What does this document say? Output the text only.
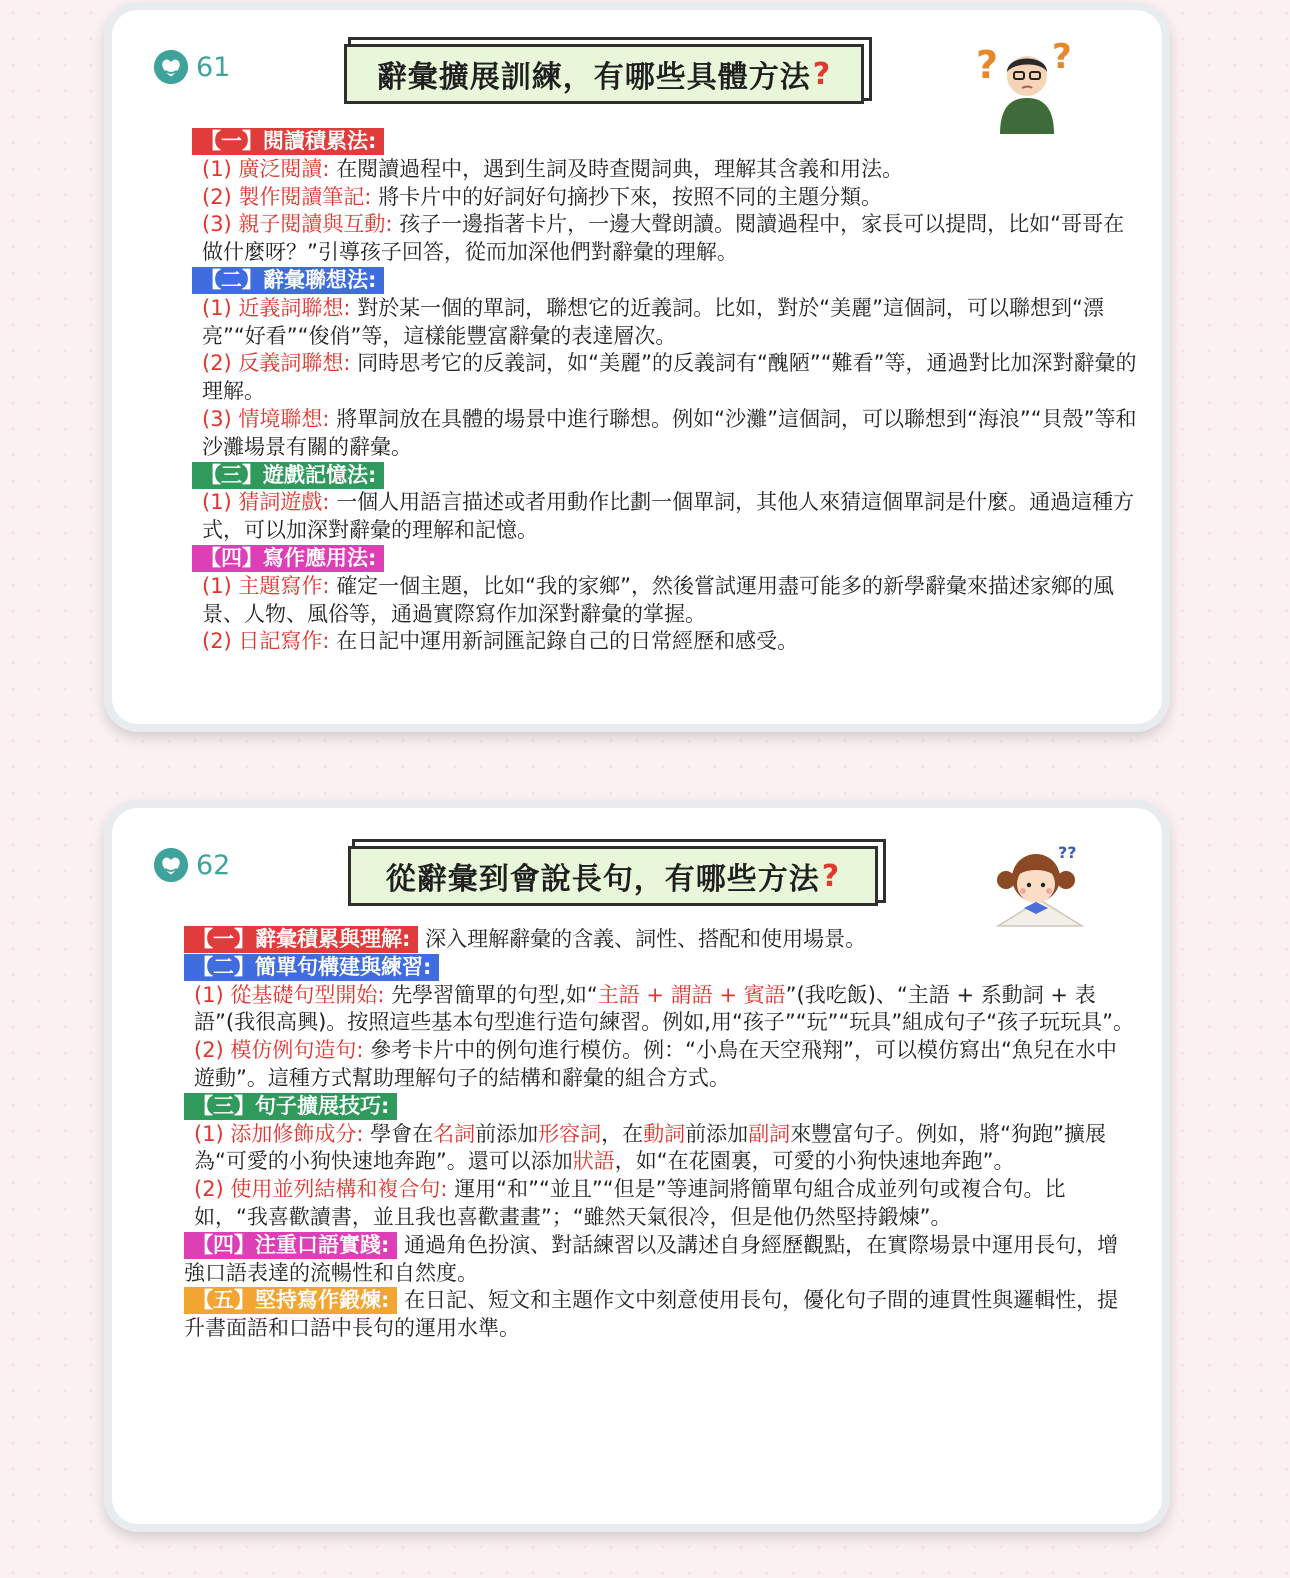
61	辭彙擴展訓練，有哪些具體方法 ?	? ?
【一】閱讀積累法:
(1) 廣泛閱讀: 在閱讀過程中，遇到生詞及時查閱詞典，理解其含義和用法。
(2) 製作閱讀筆記: 將卡片中的好詞好句摘抄下來，按照不同的主題分類。
(3) 親子閱讀與互動: 孩子一邊指著卡片，一邊大聲朗讀。閱讀過程中，家長可以提問，比如“哥哥在做什麼呀？”引導孩子回答，從而加深他們對辭彙的理解。
【二】辭彙聯想法:
(1) 近義詞聯想: 對於某一個的單詞，聯想它的近義詞。比如，對於“美麗”這個詞，可以聯想到“漂亮”“好看”“俊俏”等，這樣能豐富辭彙的表達層次。
(2) 反義詞聯想: 同時思考它的反義詞，如“美麗”的反義詞有“醜陋”“難看”等，通過對比加深對辭彙的理解。
(3) 情境聯想: 將單詞放在具體的場景中進行聯想。例如“沙灘”這個詞，可以聯想到“海浪”“貝殼”等和沙灘場景有關的辭彙。
【三】遊戲記憶法:
(1) 猜詞遊戲: 一個人用語言描述或者用動作比劃一個單詞，其他人來猜這個單詞是什麼。通過這種方式，可以加深對辭彙的理解和記憶。
【四】寫作應用法:
(1) 主題寫作: 確定一個主題，比如“我的家鄉”，然後嘗試運用盡可能多的新學辭彙來描述家鄉的風景、人物、風俗等，通過實際寫作加深對辭彙的掌握。
(2) 日記寫作: 在日記中運用新詞匯記錄自己的日常經歷和感受。
62	從辭彙到會說長句，有哪些方法 ?
??
【一】辭彙積累與理解: 深入理解辭彙的含義、詞性、搭配和使用場景。
【二】簡單句構建與練習:
(1) 從基礎句型開始: 先學習簡單的句型,如“主語 + 謂語 + 賓語”(我吃飯)、“主語 + 系動詞 + 表語”(我很高興)。按照這些基本句型進行造句練習。例如,用“孩子”“玩”“玩具”組成句子“孩子玩玩具”。
(2) 模仿例句造句: 參考卡片中的例句進行模仿。例：“小鳥在天空飛翔”，可以模仿寫出“魚兒在水中遊動”。這種方式幫助理解句子的結構和辭彙的組合方式。
【三】句子擴展技巧:
(1) 添加修飾成分: 學會在名詞前添加形容詞，在動詞前添加副詞來豐富句子。例如，將“狗跑”擴展為“可愛的小狗快速地奔跑”。還可以添加狀語，如“在花園裏，可愛的小狗快速地奔跑”。
(2) 使用並列結構和複合句: 運用“和”“並且”“但是”等連詞將簡單句組合成並列句或複合句。比如，“我喜歡讀書，並且我也喜歡畫畫”；“雖然天氣很冷，但是他仍然堅持鍛煉”。
【四】注重口語實踐: 通過角色扮演、對話練習以及講述自身經歷觀點，在實際場景中運用長句，增強口語表達的流暢性和自然度。
【五】堅持寫作鍛煉: 在日記、短文和主題作文中刻意使用長句，優化句子間的連貫性與邏輯性，提升書面語和口語中長句的運用水準。
